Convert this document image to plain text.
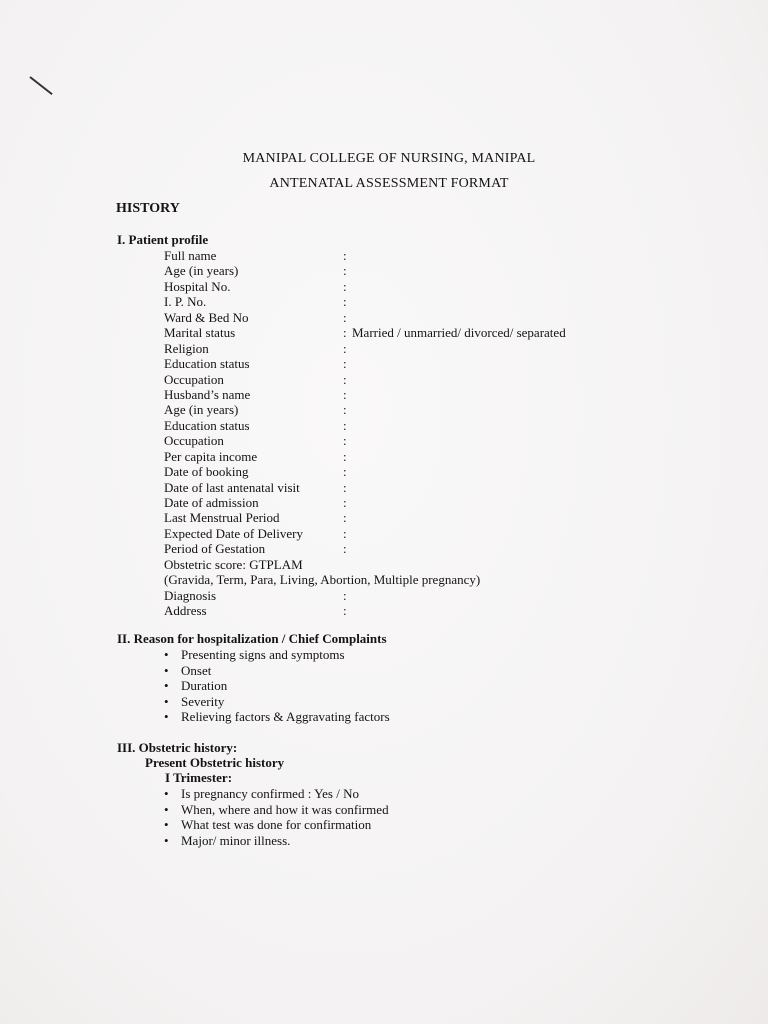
MANIPAL COLLEGE OF NURSING, MANIPAL
ANTENATAL ASSESSMENT FORMAT
HISTORY
I. Patient profile
Full name	:
Age (in years)	:
Hospital No.	:
I. P. No.	:
Ward & Bed No	:
Marital status	: Married / unmarried/ divorced/ separated
Religion	:
Education status	:
Occupation	:
Husband’s name	:
Age (in years)	:
Education status	:
Occupation	:
Per capita income	:
Date of booking	:
Date of last antenatal visit	:
Date of admission	:
Last Menstrual Period	:
Expected Date of Delivery	:
Period of Gestation	:
Obstetric score: GTPLAM
(Gravida, Term, Para, Living, Abortion, Multiple pregnancy)
Diagnosis	:
Address	:
II. Reason for hospitalization / Chief Complaints
• Presenting signs and symptoms
• Onset
• Duration
• Severity
• Relieving factors & Aggravating factors
III. Obstetric history:
Present Obstetric history
I Trimester:
• Is pregnancy confirmed : Yes / No
• When, where and how it was confirmed
• What test was done for confirmation
• Major/ minor illness.
